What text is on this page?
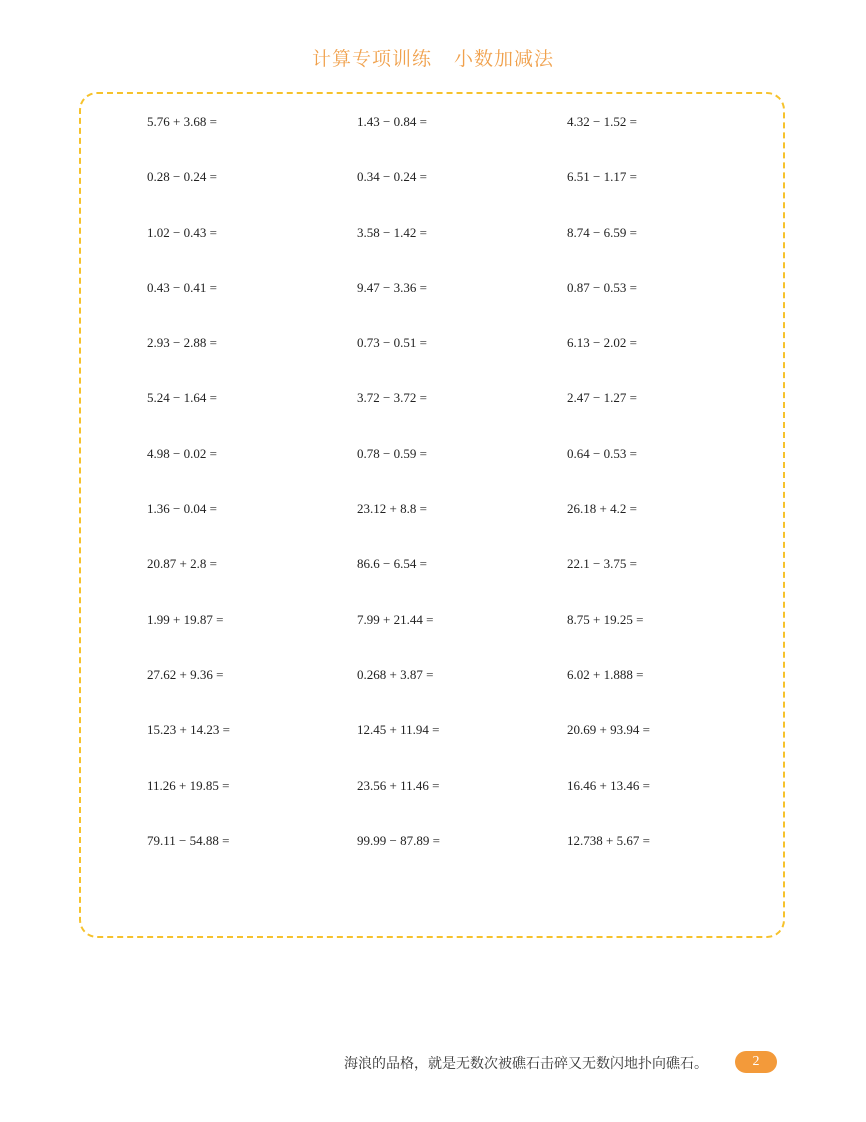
计算专项训练 小数加减法
5.76 + 3.68 =	1.43 − 0.84 =	4.32 − 1.52 =
0.28 − 0.24 =	0.34 − 0.24 =	6.51 − 1.17 =
1.02 − 0.43 =	3.58 − 1.42 =	8.74 − 6.59 =
0.43 − 0.41 =	9.47 − 3.36 =	0.87 − 0.53 =
2.93 − 2.88 =	0.73 − 0.51 =	6.13 − 2.02 =
5.24 − 1.64 =	3.72 − 3.72 =	2.47 − 1.27 =
4.98 − 0.02 =	0.78 − 0.59 =	0.64 − 0.53 =
1.36 − 0.04 =	23.12 + 8.8 =	26.18 + 4.2 =
20.87 + 2.8 =	86.6 − 6.54 =	22.1 − 3.75 =
1.99 + 19.87 =	7.99 + 21.44 =	8.75 + 19.25 =
27.62 + 9.36 =	0.268 + 3.87 =	6.02 + 1.888 =
15.23 + 14.23 =	12.45 + 11.94 =	20.69 + 93.94 =
11.26 + 19.85 =	23.56 + 11.46 =	16.46 + 13.46 =
79.11 − 54.88 =	99.99 − 87.89 =	12.738 + 5.67 =
海浪的品格，就是无数次被礁石击碎又无数闪地扑向礁石。	2
